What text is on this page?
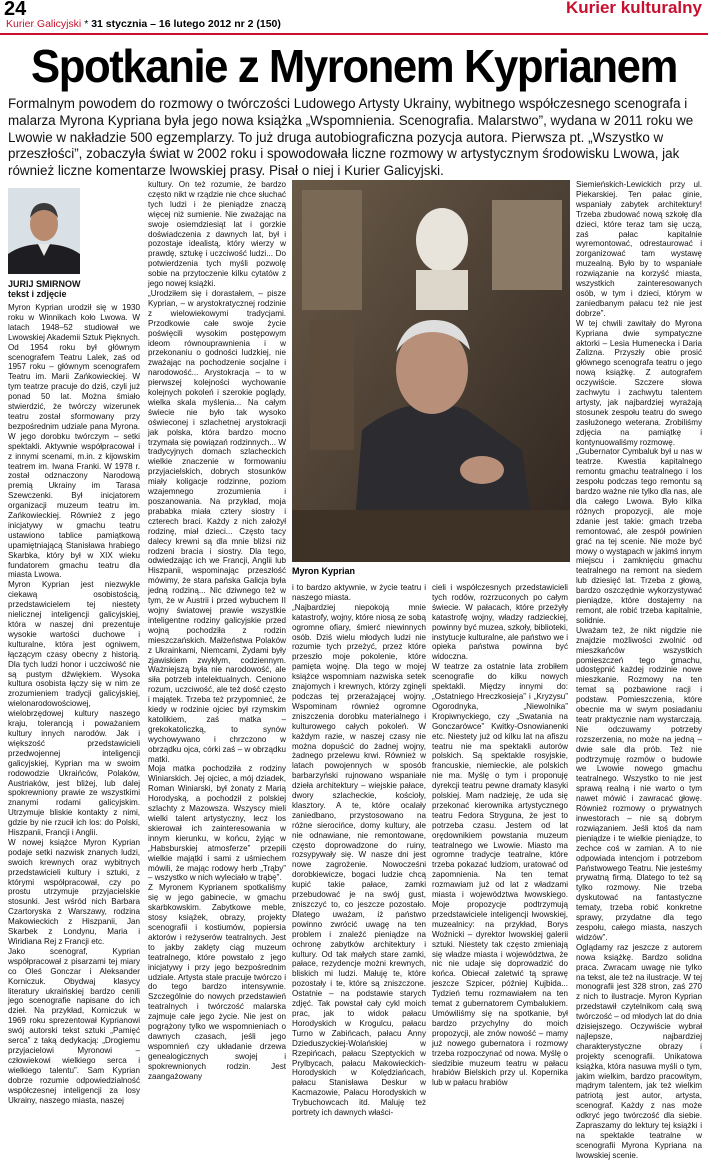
24
Kurier Galicyjski * 31 stycznia – 16 lutego 2012 nr 2 (150)
Kurier kulturalny
Spotkanie z Myronem Kyprianem
Formalnym powodem do rozmowy o twórczości Ludowego Artysty Ukrainy, wybitnego współczesnego scenografa i malarza Myrona Kypriana była jego nowa książka „Wspomnienia. Scenografia. Malarstwo”, wydana w 2011 roku we Lwowie w nakładzie 500 egzemplarzy. To już druga autobiograficzna pozycja autora. Pierwsza pt. „Wszystko w przeszłości”, zobaczyła świat w 2002 roku i spowodowała liczne rozmowy w artystycznym środowisku Lwowa, jak również liczne komentarze lwowskiej prasy. Pisał o niej i Kurier Galicyjski.
JURIJ SMIRNOW
tekst i zdjęcie
Myron Kyprian urodził się w 1930 roku w Winnikach koło Lwowa. W latach 1948–52 studiował we Lwowskiej Akademii Sztuk Pięknych. Od 1954 roku był głównym scenografem Teatru Lalek, zaś od 1957 roku – głównym scenografem Teatru im. Marii Zańkowieckiej. W tym teatrze pracuje do dziś, czyli już ponad 50 lat. Można śmiało stwierdzić, że twórczy wizerunek teatru został sformowany przy bezpośrednim udziale pana Myrona. W jego dorobku twórczym – setki spektakli. Aktywnie współpracował i z innymi scenami, m.in. z kijowskim teatrem im. Iwana Franki. W 1978 r. został odznaczony Narodową premią Ukrainy im Tarasa Szewczenki. Był inicjatorem organizacji muzeum teatru im. Zańkowieckiej. Również z jego inicjatywy w gmachu teatru ustawiono tablice pamiątkową upamiętniającą Stanisława hrabiego Skarbka, który był w XIX wieku fundatorem gmachu teatru dla miasta Lwowa.
Myron Kyprian jest niezwykle ciekawą osobistością, przedstawicielem tej niestety nielicznej inteligencji galicyjskiej, która w naszej dni prezentuje wysokie wartości duchowe i kulturalne, która jest ogniwem, łączącym czasy obecny z historią. Dla tych ludzi honor i uczciwość nie są pustym dźwiękiem. Wysoka kultura osobista łączy się w nim ze zrozumieniem tradycji galicyjskiej, wielonarodowościowej, wielobrzędowej kultury naszego kraju, tolerancją i poważaniem kultury innych narodów. Jak i większość przedstawicieli przedwojennej inteligencji galicyjskiej, Kyprian ma w swoim rodowodzie Ukraińców, Polaków, Austriaków, jest bliżej, lub dalej spokrewniony prawie ze wszystkimi znanymi rodami galicyjskim. Utrzymuje bliskie kontakty z nimi, gdzie by nie rzucił ich los: do Polski, Hiszpanii, Francji i Anglii.
W nowej książce Myron Kyprian podaje setki nazwisk znanych ludzi, swoich krewnych oraz wybitnych przedstawicieli kultury i sztuki, z którymi współpracował, czy po prostu utrzymuje przyjacielskie stosunki. Jest wśród nich Barbara Czartoryska z Warszawy, rodzina Makowieckich z Hiszpanii, Jan Skarbek z Londynu, Maria i Wiridiana Rej z Francji etc.
Jako scenograf, Kyprian współpracował z pisarzami tej miary co Oleś Gonczar i Aleksander Korniczuk. Obydwaj klasycy literatury ukraińskiej bardzo cenili jego scenografie napisane do ich dzieł. Na przykład, Korniczuk w 1969 roku sprezentował Kyprianowi swój autorski tekst sztuki „Pamięć serca” z taką dedykacją: „Drogiemu przyjacielowi Myronowi – człowiekowi wielkiego serca i wielkiego talentu”. Sam Kyprian dobrze rozumie odpowiedzialność współczesnej inteligencji za losy Ukrainy, naszego miasta, naszej
kultury. On też rozumie, że bardzo często nikt w rządzie nie chce słuchać tych ludzi i że pieniądze znaczą więcej niż sumienie. Nie zważając na swoje osiemdziesiąt lat i gorzkie doświadczenia z dawnych lat, był i pozostaje idealistą, który wierzy w prawdę, sztukę i uczciwość ludzi... Do potwierdzenia tych myśli pozwolę sobie na przytoczenie kilku cytatów z jego nowej książki.
„Urodziłem się i dorastałem, – pisze Kyprian, – w arystokratycznej rodzinie z wielowiekowymi tradycjami. Przodkowie całe swoje życie poświęcili wysokim postępowym ideom równouprawnienia i w przekonaniu o godności ludzkiej, nie zważając na pochodzenie socjalne i narodowość... Arystokracja – to w pierwszej kolejności wychowanie kolejnych pokoleń i szerokie poglądy, wielka skala myślenia... Na całym świecie nie było tak wysoko oświeconej i szlachetnej arystokracji jak polska, która bardzo mocno trzymała się powiązań rodzinnych... W tradycyjnych domach szlacheckich wielkie znaczenie w formowaniu przyjacielskich, dobrych stosunków miały koligacje rodzinne, poziom wzajemnego zrozumienia i poszanowania. Na przykład, moja prababka miała cztery siostry i czterech braci. Każdy z nich założył rodzinę, miał dzieci... Często tacy dalecy krewni są dla mnie bliżsi niż rodzeni bracia i siostry. Dla tego, odwiedzając ich we Francji, Anglii lub Hiszpanii, wspominając przeszłość mówimy, że stara pańska Galicja była jedną rodziną... Nic dziwnego też w tym, że w Austrii i przed wybuchem II wojny światowej prawie wszystkie inteligentne rodziny galicyjskie przed wojną pochodziła z rodzin mieszczańskich. Małżeństwa Polaków z Ukrainkami, Niemcami, Żydami były zjawiskiem zwykłym, codziennym. Ważniejszą była nie narodowość, ale siła potrzeb intelektualnych. Ceniono rozum, uczciwość, ale też dość często i majątek. Trzeba też przypomnieć, że kiedy w rodzinie ojciec był rzymskim katolikiem, zaś matka – grekokatoliczką, to synów wychowywano i chrzczono w obrządku ojca, córki zaś – w obrządku matki.
Moja matka pochodziła z rodziny Winiarskich. Jej ojciec, a mój dziadek, Roman Winiarski, był żonaty z Marią Horodyską, a pochodził z polskiej szlachty z Mazowsza. Wszyscy mieli wielki talent artystyczny, lecz los skierował ich zainteresowania w innym kierunku, w końcu, żyjąc w „Habsburskiej atmosferze” przepili wielkie majątki i sami z uśmiechem mówili, że mając rodowy herb „Trąby” – wszystko w nich wyleciało w trąbę”.
Z Myronem Kyprianem spotkaliśmy się w jego gabinecie, w gmachu skarbkowskim. Zabytkowe meble, stosy książek, obrazy, projekty scenografii i kostiumów, popiersia aktorów i reżyserów teatralnych. Jest to jakby zaklęty ciąg muzeum teatralnego, które powstało z jego inicjatywy i przy jego bezpośrednim udziale. Artysta stale pracuje twórczo i do tego bardzo intensywnie. Szczególnie do nowych przedstawień teatralnych i twórczość malarska zajmuje całe jego życie. Nie jest on pogrążony tylko we wspomnieniach o dawnych czasach, jeśli jego wspomnień czy układanie drzewa genealogicznych swojej i spokrewnionych rodzin. Jest zaangażowany
Myron Kyprian
i to bardzo aktywnie, w życie teatru i naszego miasta.
„Najbardziej niepokoją mnie katastrofy, wojny, które niosą ze sobą ogromne ofiary, śmierć niewinnych osób. Dziś wielu młodych ludzi nie rozumie tych przeżyć, przez które przeszło moje pokolenie, które pamięta wojnę. Dla tego w mojej książce wspomniam nazwiska setek znajomych i krewnych, którzy zginęli podczas tej przerażającej wojny. Wspominam również ogromne zniszczenia dorobku materialnego i kulturowego całych pokoleń. W każdym razie, w naszej czasy nie można dopuścić do żadnej wojny, żadnego przelewu krwi. Również w latach powojennych w sposób barbarzyński rujnowano wspaniałe dzieła architektury – wiejskie pałace, dwory szlacheckie, kościoły, klasztory. A te, które ocalały zaniedbano, przystosowano na różne sierocińce, domy kultury, ale nie odnawiane, nie remontowane, często doprowadzone do ruiny, rozsypywały się. W nasze dni jest nowe zagrożenie. Nowocześni dorobkiewicze, bogaci ludzie chcą kupić takie pałace, zamki przebudować je na swój gust, zniszczyć to, co jeszcze pozostało. Dlatego uważam, iż państwo powinno zwrócić uwagę na ten problem i znaleźć pieniądze na ochronę zabytków architektury i kultury. Od tak małych stare zamki, pałace, rezydencje możni krewnych, bliskich mi ludzi. Małuję te, które pozostały i te, które są zniszczone. Ostatnie – na podstawie starych zdjęć. Tak powstał cały cykl moich prac, jak to widok pałacu Horodyskich w Krogulcu, pałacu Turno w Zabińcach, pałacu Anny Dzieduszyckiej-Wolańskiej w Rzepińcach, pałacu Szeptyckich w Prylbycach, pałacu Makowieckich-Horodyskich w Kolędziańcach, pałacu Stanisława Deskur w Kacmazowie, Pałacu Horodyskich w Trybuchowcach itd. Maluję też portrety ich dawnych właści-
cieli i współczesnych przedstawicieli tych rodów, rozrzuconych po całym świecie. W pałacach, które przeżyły katastrofę wojny, władzy radzieckiej, powinny być muzea, szkoły, biblioteki, instytucje kulturalne, ale państwo we i opieka państwa powinna być widoczna.
W teatrze za ostatnie lata zrobiłem scenografie do kilku nowych spektakli. Między innymi do: „Ostatniego Hreczkosieja” i „Kryzysu” Ogorodnyka, „Niewolnika” Kropiwnyckiego, czy „Swatania na Gonczarówce” Kwitky-Osnowianenki etc. Niestety już od kilku lat na afiszu teatru nie ma spektakli autorów polskich. Są spektakle rosyjskie, francuskie, niemieckie, ale polskich nie ma. Myślę o tym i proponuję dyrekcji teatru pewne dramaty klasyki polskiej. Mam nadzieję, że uda się przekonać kierownika artystycznego teatru Fedora Strygunа, że jest to potrzeba czasu. Jestem od lat orędownikiem powstania muzeum teatralnego we Lwowie. Miasto ma ogromne tradycje teatralne, które trzeba pokazać ludziom, uratować od zapomnienia. Na ten temat rozmawiam już od lat z władzami miasta i województwa lwowskiego. Moje propozycje podtrzymują przedstawiciele inteligencji lwowskiej, muzealnicy: na przykład, Borys Woźnicki – dyrektor lwowskiej galerii sztuki. Niestety tak często zmieniają się władze miasta i województwa, że nic nie udaje się doprowadzić do końca. Obiecał zaletwić tą sprawę jeszcze Szpicer, później Kujbida... Tydzień temu rozmawiałem na ten temat z gubernatorem Cymbalukiem. Umówiliśmy się na spotkanie, był bardzo przychylny do moich propozycji, ale znów nowość – mamy już nowego gubernatora i rozmowy trzeba rozpoczynać od nowa. Myślę o siedzibie muzeum teatru w pałacu hrabiów Bielskich przy ul. Kopernika lub w pałacu hrabiów
Siemieńskich-Lewickich przy ul. Piekarskiej. Ten pałac ginie, wspaniały zabytek architektury! Trzeba zbudować nową szkołę dla dzieci, które teraz tam się uczą, zaś pałac kapitalnie wyremontować, odrestaurować i zorganizować tam wystawę muzealną. Było by to wspaniałe rozwiązanie na korzyść miasta, wszystkich zainteresowanych osób, w tym i dzieci, którym w zaniedbanym pałacu też nie jest dobrze”.
W tej chwili zawitały do Myrona Kypriana dwie sympatyczne aktorki – Lesia Humenecka i Daria Zalizna. Przyszły obie prosić głównego scenografa teatru o jego nową książkę. Z autografem oczywiście. Szczere słowa zachwytu i zachwytu talentem artysty, jak najbardziej wyrażają stosunek zespołu teatru do swego zasłużonego weterana. Zrobiliśmy zdjęcia na pamiątkę i kontynuowaliśmy rozmowę.
„Gubernator Cymbaluk był u nas w teatrze. Kwestia kapitalnego remontu gmachu teatralnego i los zespołu podczas tego remontu są bardzo ważne nie tylko dla nas, ale dla całego Lwowa. Było kilka różnych propozycji, ale moje zdanie jest takie: gmach trzeba remontować, ale zespół powinien grać na tej scenie. Nie może być mowy o wystąpach w jakimś innym miejscu i zamknięciu gmachu teatralnego na remont na siedem lub dziesięć lat. Trzeba z głową, bardzo oszczędnie wykorzystywać pieniądze, które dostajemy na remont, ale robić trzeba kapitalnie, solidnie.
Uważam też, że nikt nigdzie nie znajdzie możliwości zwolnić od mieszkańców wszystkich pomieszczeń tego gmachu, udostępnić każdej rodzinie nowe mieszkanie. Rozmowy na ten temat są pozbawione racji i podstaw. Pomieszczenia, które obecnie ma w swym posiadaniu teatr praktycznie nam wystarczają. Nie odczuwamy potrzeby rozszerzenia, no może na jedną – dwie sale dla prób. Też nie podtrzymuję rozmów o budowie we Lwowie nowego gmachu teatralnego. Wszystko to nie jest sprawą realną i nie warto o tym nawet mówić i zawracać głowę. Również rozmowy o prywatnych inwestorach – nie są dobrym rozwiązaniem. Jeśli ktoś da nam pieniądze i te wielkie pieniądze, to zechce coś w zamian. A to nie odpowiada intencjom i potrzebom Państwowego Teatru. Nie jesteśmy prywatną firmą. Dlatego to też są tylko rozmowy. Nie trzeba dyskutować na fantastyczne tematy, trzeba robić konkretne sprawy, przydatne dla tego zespołu, całego miasta, naszych widzów”.
Oglądamy raz jeszcze z autorem nowa książkę. Bardzo solidna praca. Zwracam uwagę nie tylko na tekst, ale też na ilustracje. W tej monografii jest 328 stron, zaś 270 z nich to ilustracje. Myron Kyprian przedstawił czytelnikom całą swą twórczość – od młodych lat do dnia dzisiejszego. Oczywiście wybrał najlepsze, najbardziej charakterystyczne obrazy i projekty scenografii. Unikatowa książka, która nasuwa myśli o tym, jakim wielkim, bardzo pracowitym, mądrym talentem, jak też wielkim patriotą jest autor, artysta, scenograf. Każdy z nas może odkryć jego twórczość dla siebie. Zapraszamy do lektury tej książki i na spektakle teatralne w scenografii Myrona Kypriana na lwowskiej scenie.
